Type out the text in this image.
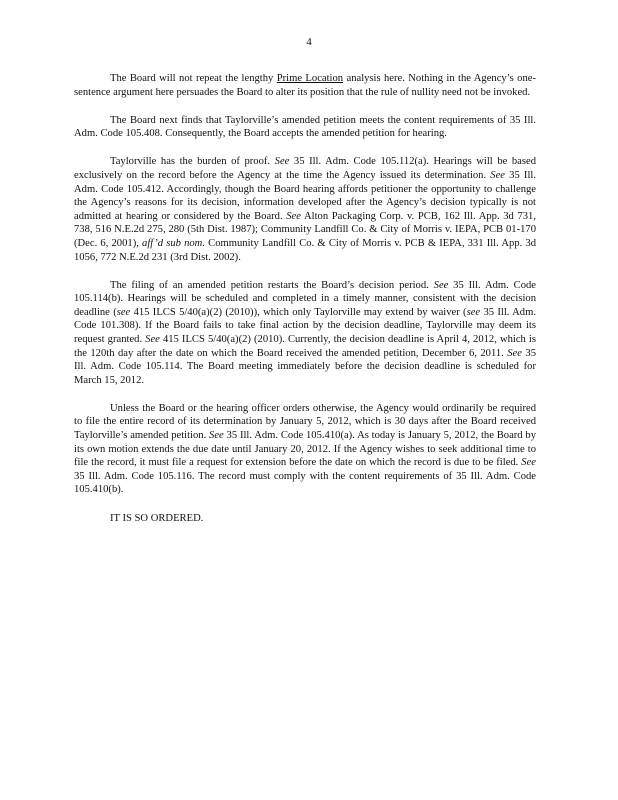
4

The Board will not repeat the lengthy Prime Location analysis here. Nothing in the Agency’s one-sentence argument here persuades the Board to alter its position that the rule of nullity need not be invoked.

The Board next finds that Taylorville’s amended petition meets the content requirements of 35 Ill. Adm. Code 105.408. Consequently, the Board accepts the amended petition for hearing.

Taylorville has the burden of proof. See 35 Ill. Adm. Code 105.112(a). Hearings will be based exclusively on the record before the Agency at the time the Agency issued its determination. See 35 Ill. Adm. Code 105.412. Accordingly, though the Board hearing affords petitioner the opportunity to challenge the Agency’s reasons for its decision, information developed after the Agency’s decision typically is not admitted at hearing or considered by the Board. See Alton Packaging Corp. v. PCB, 162 Ill. App. 3d 731, 738, 516 N.E.2d 275, 280 (5th Dist. 1987); Community Landfill Co. & City of Morris v. IEPA, PCB 01-170 (Dec. 6, 2001), aff’d sub nom. Community Landfill Co. & City of Morris v. PCB & IEPA, 331 Ill. App. 3d 1056, 772 N.E.2d 231 (3rd Dist. 2002).

The filing of an amended petition restarts the Board’s decision period. See 35 Ill. Adm. Code 105.114(b). Hearings will be scheduled and completed in a timely manner, consistent with the decision deadline (see 415 ILCS 5/40(a)(2) (2010)), which only Taylorville may extend by waiver (see 35 Ill. Adm. Code 101.308). If the Board fails to take final action by the decision deadline, Taylorville may deem its request granted. See 415 ILCS 5/40(a)(2) (2010). Currently, the decision deadline is April 4, 2012, which is the 120th day after the date on which the Board received the amended petition, December 6, 2011. See 35 Ill. Adm. Code 105.114. The Board meeting immediately before the decision deadline is scheduled for March 15, 2012.

Unless the Board or the hearing officer orders otherwise, the Agency would ordinarily be required to file the entire record of its determination by January 5, 2012, which is 30 days after the Board received Taylorville’s amended petition. See 35 Ill. Adm. Code 105.410(a). As today is January 5, 2012, the Board by its own motion extends the due date until January 20, 2012. If the Agency wishes to seek additional time to file the record, it must file a request for extension before the date on which the record is due to be filed. See 35 Ill. Adm. Code 105.116. The record must comply with the content requirements of 35 Ill. Adm. Code 105.410(b).

IT IS SO ORDERED.
